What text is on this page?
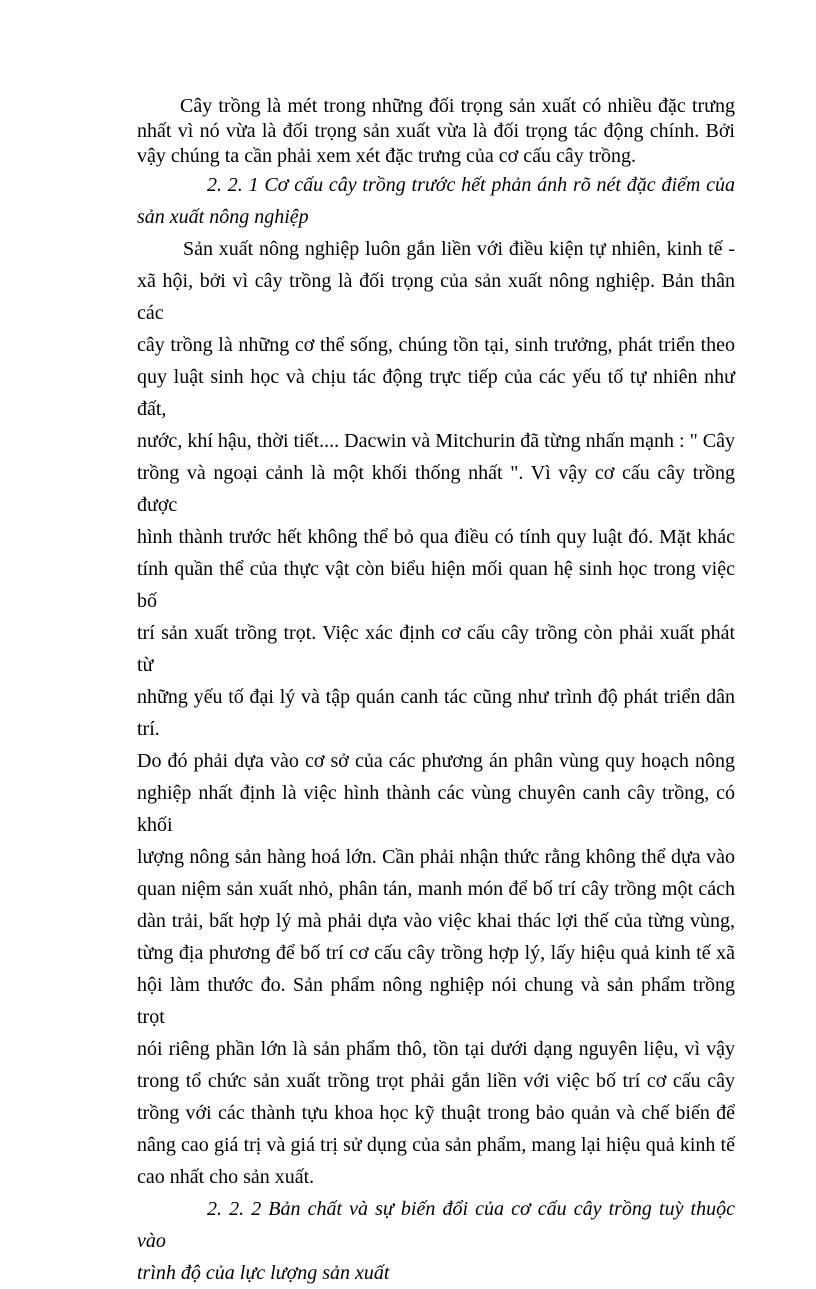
Cây trồng là mét trong những đối trọng sản xuất có nhiều đặc trưng
nhất vì nó vừa là đối trọng sản xuất vừa là đối trọng tác động chính. Bởi
vậy chúng ta cần phải xem xét đặc trưng của cơ cấu cây trồng.
2. 2. 1 Cơ cấu cây trồng trước hết phản ánh rõ nét đặc điểm của
sản xuất nông nghiệp
Sản xuất nông nghiệp luôn gắn liền với điều kiện tự nhiên, kinh tế -
xã hội, bởi vì cây trồng là đối trọng của sản xuất nông nghiệp. Bản thân các
cây trồng là những cơ thể sống, chúng tồn tại, sinh trưởng, phát triển theo
quy luật sinh học và chịu tác động trực tiếp của các yếu tố tự nhiên như đất,
nước, khí hậu, thời tiết.... Dacwin và Mitchurin đã từng nhấn mạnh : " Cây
trồng và ngoại cảnh là một khối thống nhất ". Vì vậy cơ cấu cây trồng được
hình thành trước hết không thể bỏ qua điều có tính quy luật đó. Mặt khác
tính quần thể của thực vật còn biểu hiện mối quan hệ sinh học trong việc bố
trí sản xuất trồng trọt. Việc xác định cơ cấu cây trồng còn phải xuất phát từ
những yếu tố đại lý và tập quán canh tác cũng như trình độ phát triển dân trí.
Do đó phải dựa vào cơ sở của các phương án phân vùng quy hoạch nông
nghiệp nhất định là việc hình thành các vùng chuyên canh cây trồng, có khối
lượng nông sản hàng hoá lớn. Cần phải nhận thức rằng không thể dựa vào
quan niệm sản xuất nhỏ, phân tán, manh món để bố trí cây trồng một cách
dàn trải, bất hợp lý mà phải dựa vào việc khai thác lợi thế của từng vùng,
từng địa phương để bố trí cơ cấu cây trồng hợp lý, lấy hiệu quả kinh tế xã
hội làm thước đo. Sản phẩm nông nghiệp nói chung và sản phẩm trồng trọt
nói riêng phần lớn là sản phẩm thô, tồn tại dưới dạng nguyên liệu, vì vậy
trong tổ chức sản xuất trồng trọt phải gắn liền với việc bố trí cơ cấu cây
trồng với các thành tựu khoa học kỹ thuật trong bảo quản và chế biến để
nâng cao giá trị và giá trị sử dụng của sản phẩm, mang lại hiệu quả kinh tế
cao nhất cho sản xuất.
2. 2. 2 Bản chất và sự biến đổi của cơ cấu cây trồng tuỳ thuộc vào
trình độ của lực lượng sản xuất
